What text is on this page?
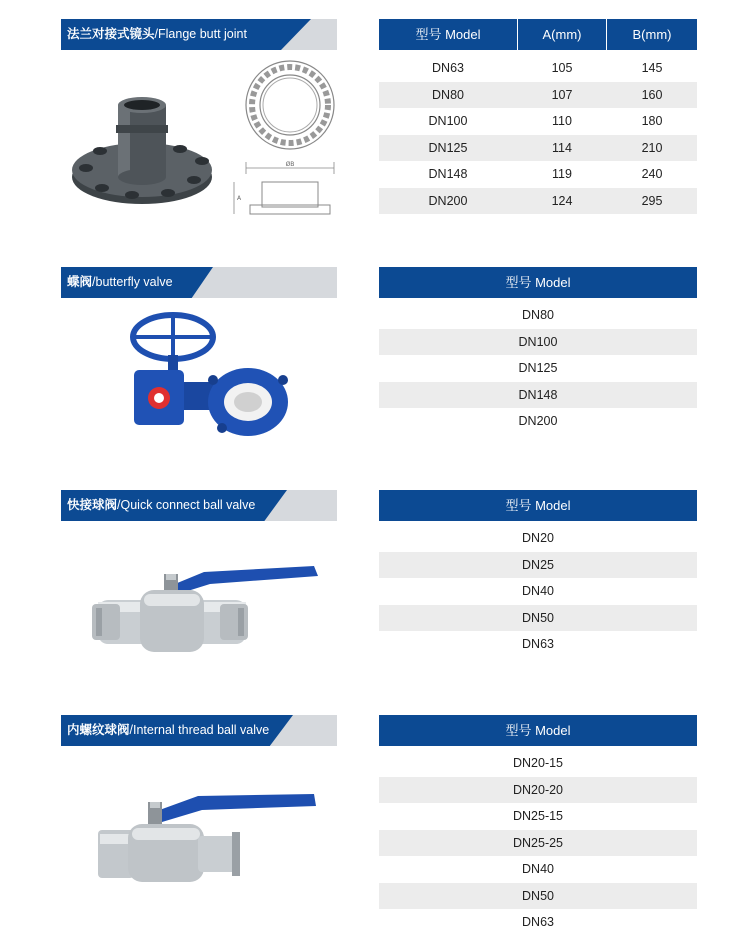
法兰对接式镜头/Flange butt joint
ØB
A
型号 Model	A(mm)	B(mm)
DN63	105	145
DN80	107	160
DN100	110	180
DN125	114	210
DN148	119	240
DN200	124	295
蝶阀/butterfly valve	型号 Model
DN80
DN100
DN125
DN148
DN200
快接球阀/Quick connect ball valve	型号 Model
DN20
DN25
DN40
DN50
DN63
内螺纹球阀/Internal thread ball valve	型号 Model
DN20-15
DN20-20
DN25-15
DN25-25
DN40
DN50
DN63
